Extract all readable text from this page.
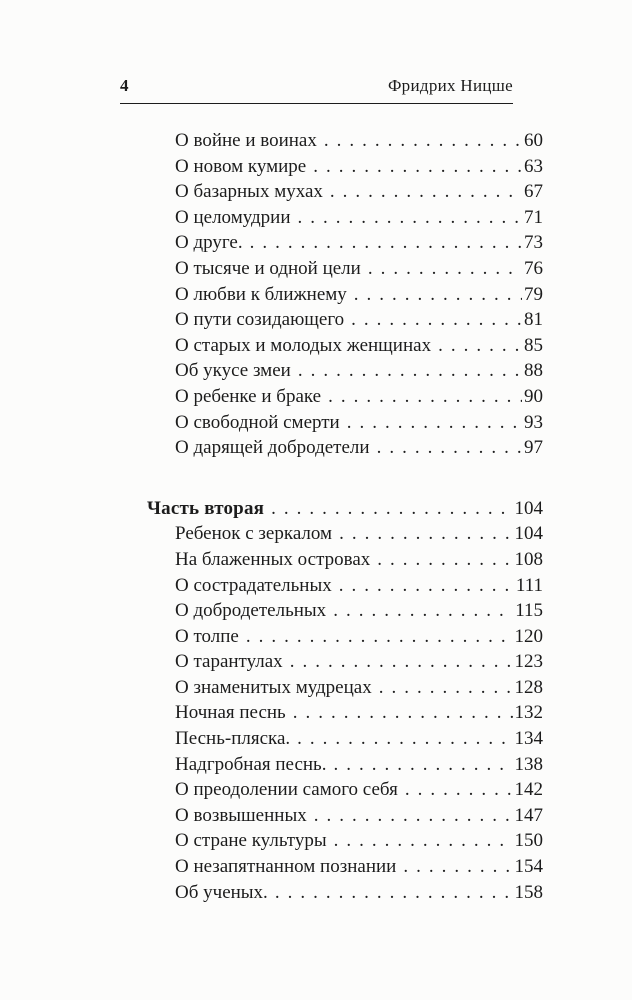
4	Фридрих Ницше
О войне и воинах .....	60
О новом кумире .....	63
О базарных мухах .....	67
О целомудрии .....	71
О друге. .....	73
О тысяче и одной цели .....	76
О любви к ближнему .....	79
О пути созидающего .....	81
О старых и молодых женщинах .....	85
Об укусе змеи .....	88
О ребенке и браке .....	90
О свободной смерти .....	93
О дарящей добродетели .....	97
Часть вторая .....	104
Ребенок с зеркалом .....	104
На блаженных островах .....	108
О сострадательных .....	111
О добродетельных .....	115
О толпе .....	120
О тарантулах .....	123
О знаменитых мудрецах .....	128
Ночная песнь .....	132
Песнь-пляска. .....	134
Надгробная песнь. .....	138
О преодолении самого себя .....	142
О возвышенных .....	147
О стране культуры .....	150
О незапятнанном познании .....	154
Об ученых. .....	158
